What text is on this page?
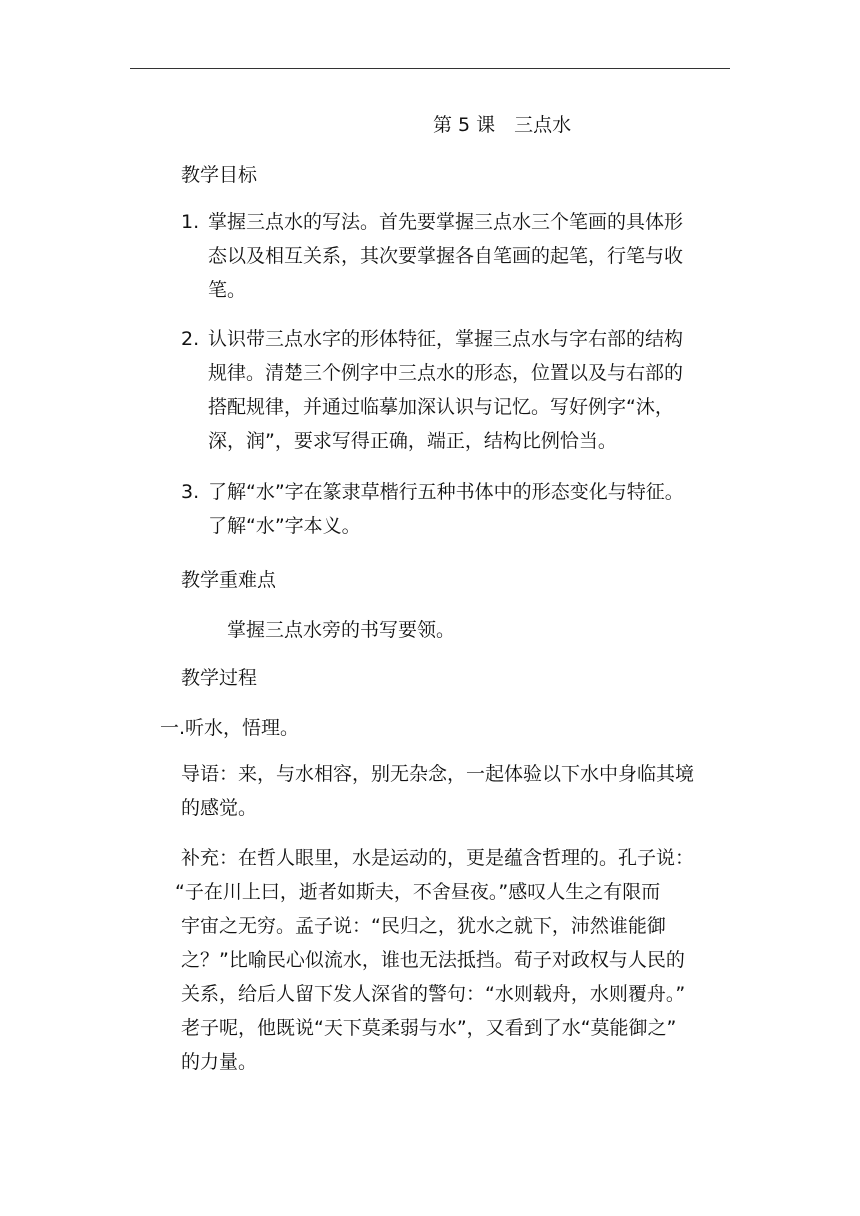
第 5 课　三点水
教学目标
1. 掌握三点水的写法。首先要掌握三点水三个笔画的具体形
态以及相互关系，其次要掌握各自笔画的起笔，行笔与收
笔。
2. 认识带三点水字的形体特征，掌握三点水与字右部的结构
规律。清楚三个例字中三点水的形态，位置以及与右部的
搭配规律，并通过临摹加深认识与记忆。写好例字“沐，
深，润”，要求写得正确，端正，结构比例恰当。
3. 了解“水”字在篆隶草楷行五种书体中的形态变化与特征。
了解“水”字本义。
教学重难点
掌握三点水旁的书写要领。
教学过程
一.听水，悟理。
导语：来，与水相容，别无杂念，一起体验以下水中身临其境
的感觉。
补充：在哲人眼里，水是运动的，更是蕴含哲理的。孔子说：
“子在川上曰，逝者如斯夫，不舍昼夜。”感叹人生之有限而
宇宙之无穷。孟子说：“民归之，犹水之就下，沛然谁能御
之？”比喻民心似流水，谁也无法抵挡。荀子对政权与人民的
关系，给后人留下发人深省的警句：“水则载舟，水则覆舟。”
老子呢，他既说“天下莫柔弱与水”，又看到了水“莫能御之”
的力量。
